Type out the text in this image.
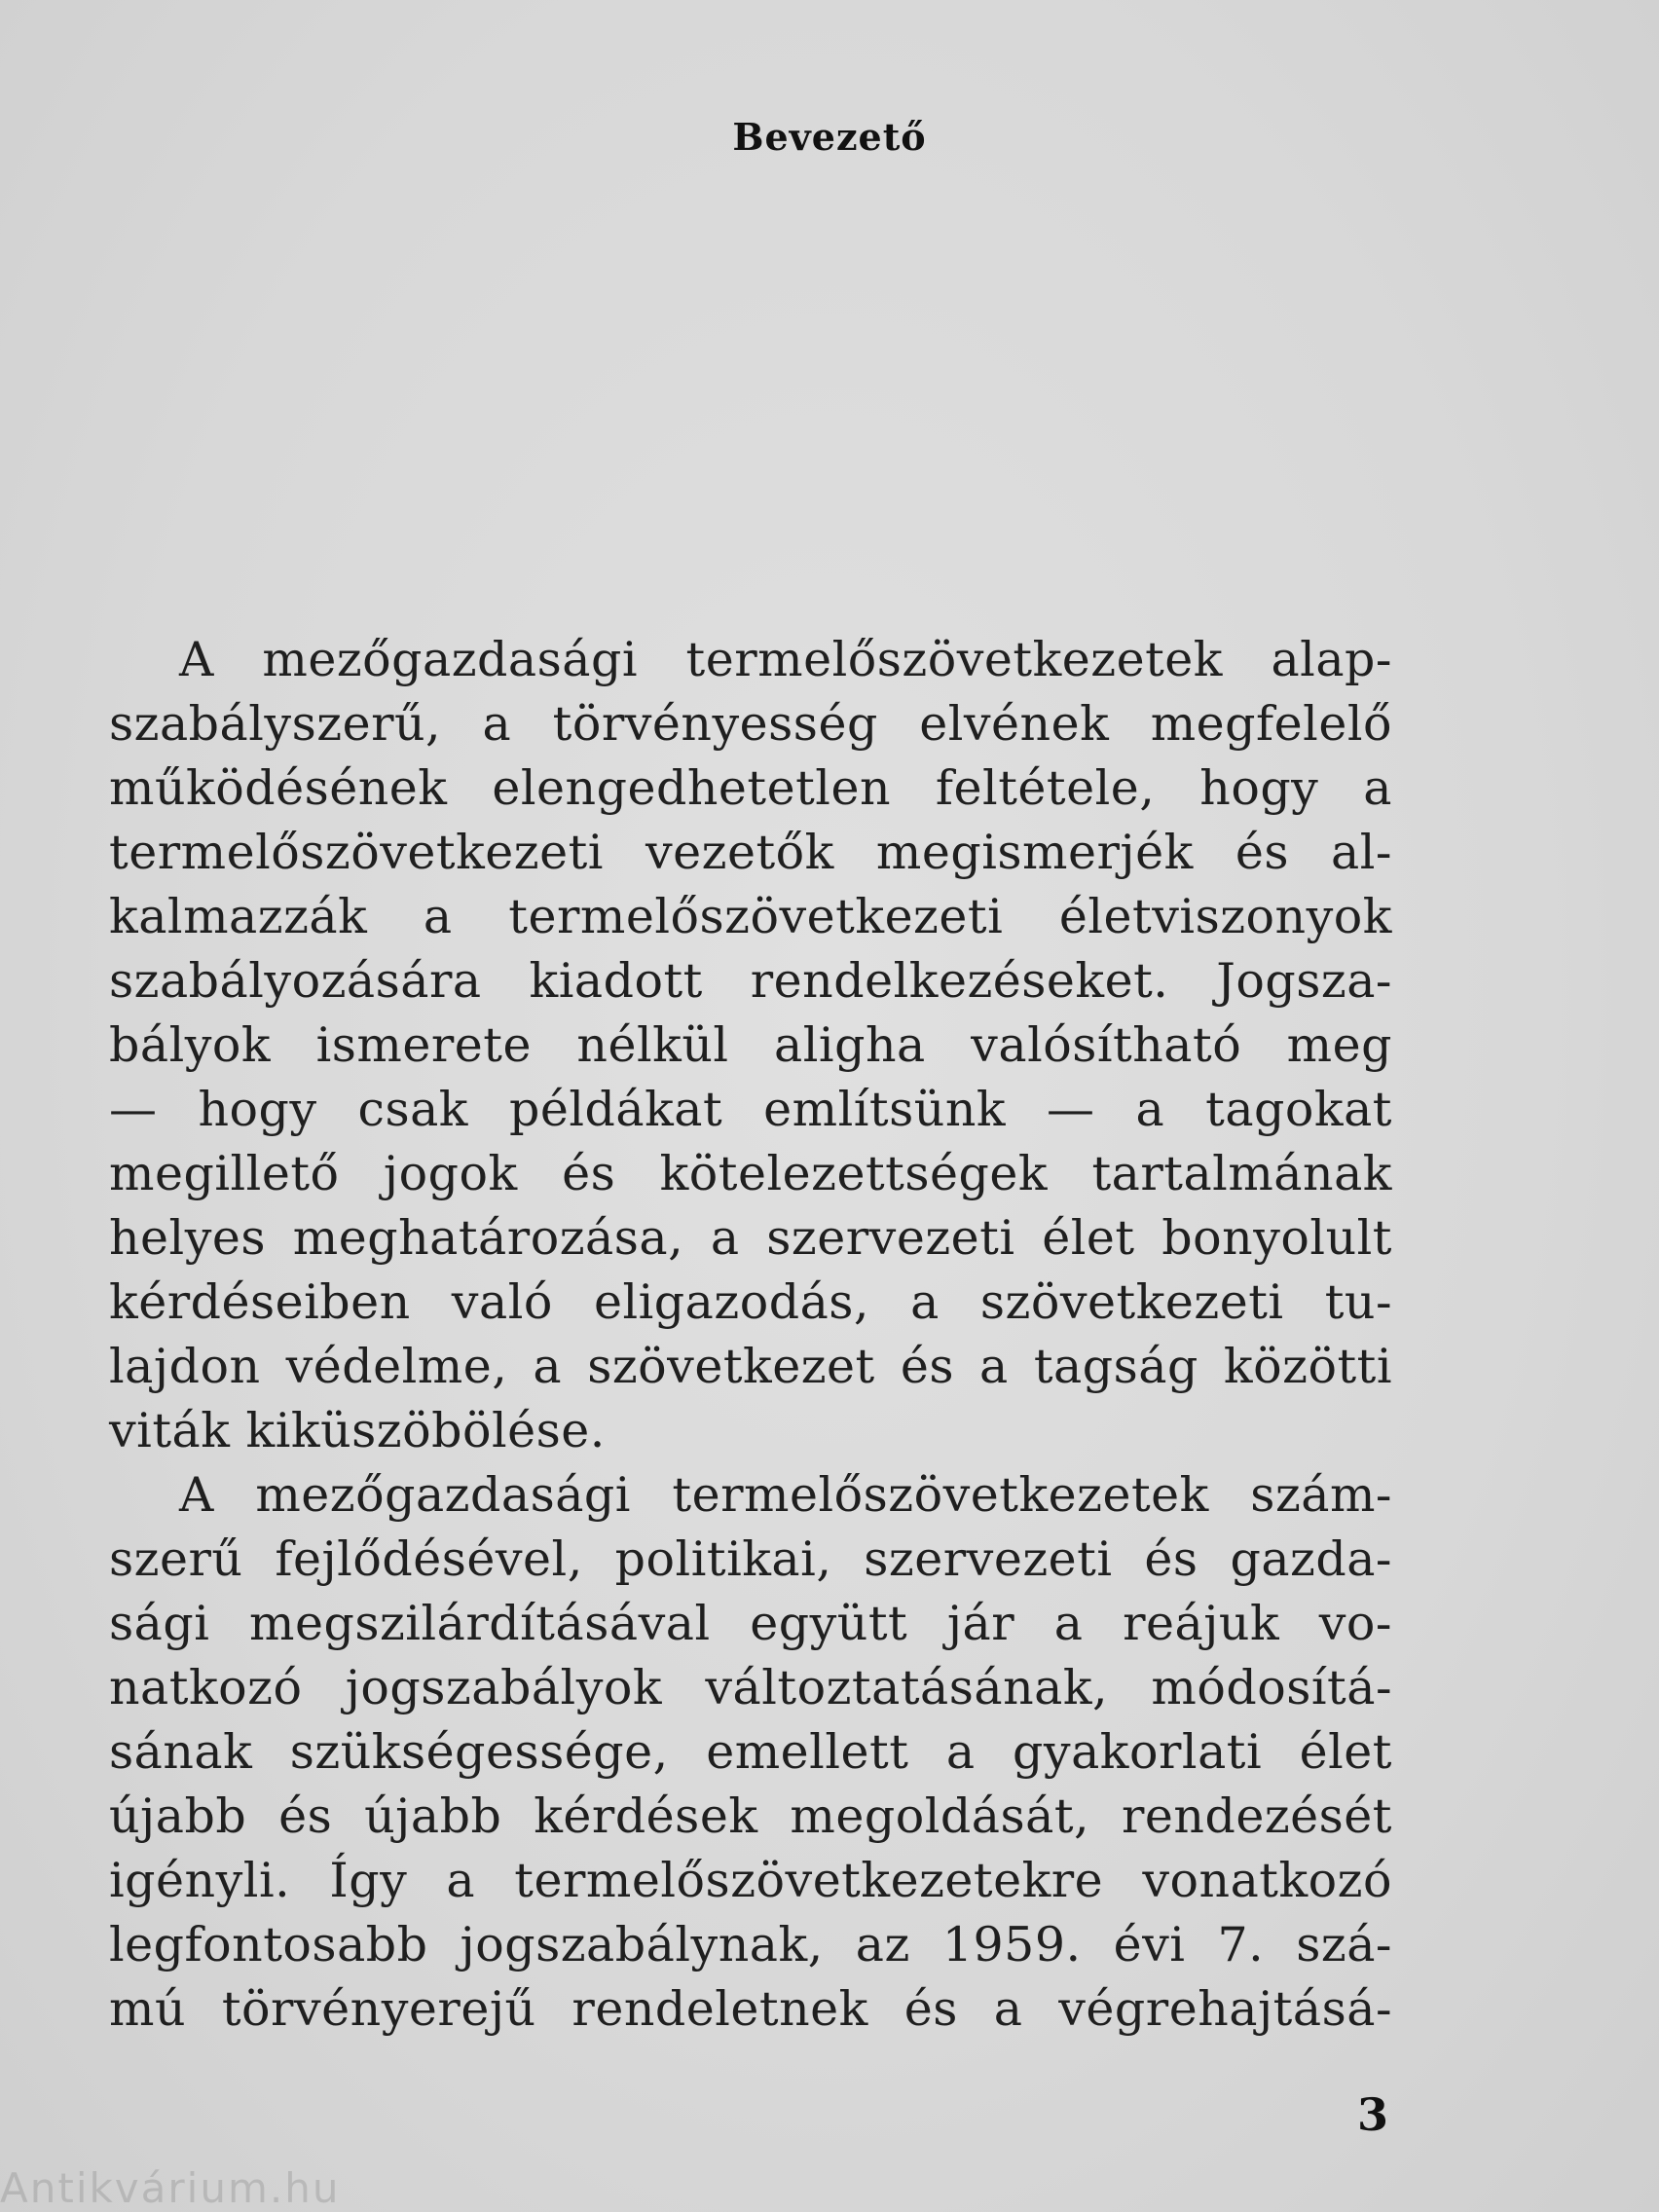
Bevezető
A mezőgazdasági termelőszövetkezetek alap-
szabályszerű, a törvényesség elvének megfelelő
működésének elengedhetetlen feltétele, hogy a
termelőszövetkezeti vezetők megismerjék és al-
kalmazzák a termelőszövetkezeti életviszonyok
szabályozására kiadott rendelkezéseket. Jogsza-
bályok ismerete nélkül aligha valósítható meg
— hogy csak példákat említsünk — a tagokat
megillető jogok és kötelezettségek tartalmának
helyes meghatározása, a szervezeti élet bonyolult
kérdéseiben való eligazodás, a szövetkezeti tu-
lajdon védelme, a szövetkezet és a tagság közötti
viták kiküszöbölése.
A mezőgazdasági termelőszövetkezetek szám-
szerű fejlődésével, politikai, szervezeti és gazda-
sági megszilárdításával együtt jár a reájuk vo-
natkozó jogszabályok változtatásának, módosítá-
sának szükségessége, emellett a gyakorlati élet
újabb és újabb kérdések megoldását, rendezését
igényli. Így a termelőszövetkezetekre vonatkozó
legfontosabb jogszabálynak, az 1959. évi 7. szá-
mú törvényerejű rendeletnek és a végrehajtásá-
3
Antikvárium.hu
